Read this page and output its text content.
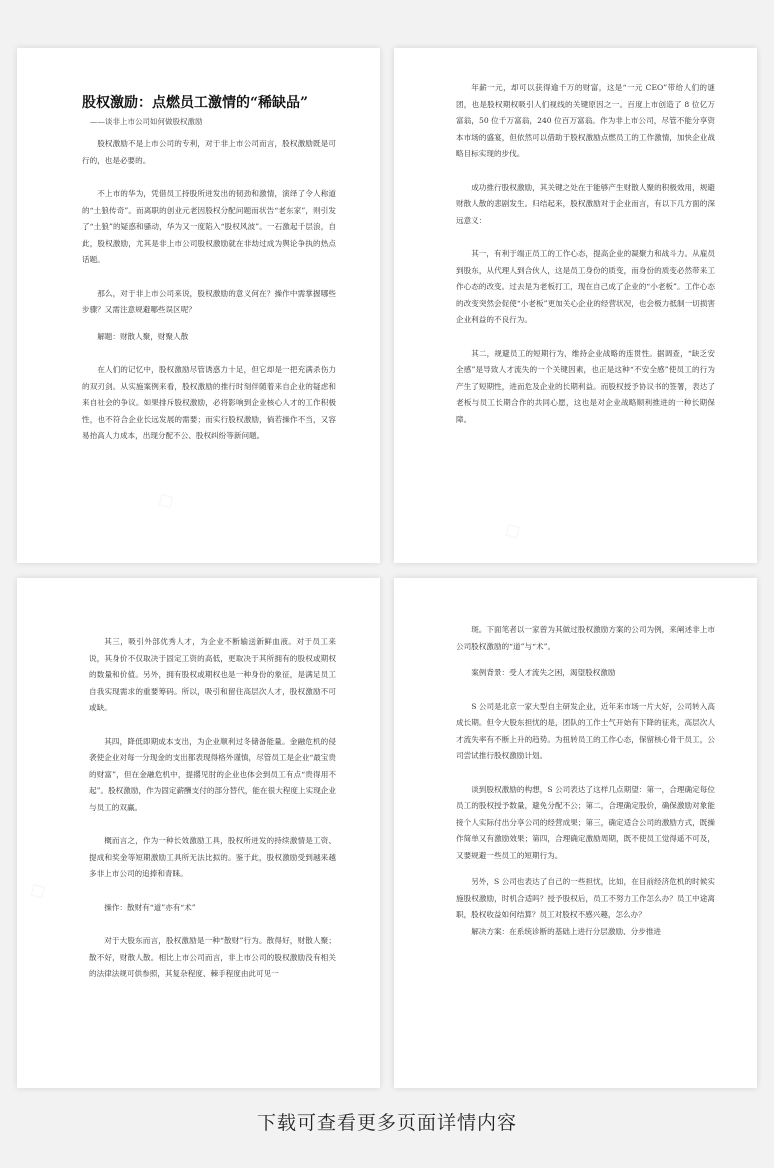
股权激励：点燃员工激情的“稀缺品”
——谈非上市公司如何做股权激励

股权激励不是上市公司的专利，对于非上市公司而言，股权激励既是可行的，也是必要的。

不上市的华为，凭借员工持股所迸发出的韧劲和激情，演绎了令人称道的“土狼传奇”。而离职的创业元老因股权分配问题而状告“老东家”，则引发了“土狼”的疑惑和骚动，华为又一度陷入“股权风波”。一石激起千层浪，自此，股权激励，尤其是非上市公司股权激励就在非劫过成为舆论争执的热点话题。

那么，对于非上市公司来说，股权激励的意义何在？操作中需掌握哪些步骤？又需注意规避哪些误区呢？

解题：财散人聚，财聚人散

在人们的记忆中，股权激励尽管诱惑力十足，但它却是一把充满杀伤力的双刃剑。从实施案例来看，股权激励的推行时刻伴随着来自企业的疑虑和来自社会的争议。如果排斥股权激励，必将影响到企业核心人才的工作积极性，也不符合企业长远发展的需要；而实行股权激励，倘若操作不当，又容易抬高人力成本，出现分配不公、股权纠纷等新问题。

年薪一元，却可以获得逾千万的财富，这是“一元 CEO”带给人们的谜团，也是股权期权吸引人们视线的关键原因之一。百度上市创造了 8 位亿万富翁，50 位千万富翁，240 位百万富翁。作为非上市公司，尽管不能分享资本市场的盛宴，但依然可以借助于股权激励点燃员工的工作激情，加快企业战略目标实现的步伐。

成功推行股权激励，其关键之处在于能够产生财散人聚的积极效用，规避财散人散的悲剧发生。归结起来，股权激励对于企业而言，有以下几方面的深远意义：

其一，有利于端正员工的工作心态，提高企业的凝聚力和战斗力。从雇员到股东，从代理人到合伙人，这是员工身份的质变，而身份的质变必然带来工作心态的改变。过去是为老板打工，现在自己成了企业的“小老板”。工作心态的改变突然会促使“小老板”更加关心企业的经营状况，也会极力抵制一切损害企业利益的不良行为。

其二，规避员工的短期行为，维持企业战略的连贯性。据调查，“缺乏安全感”是导致人才流失的一个关键因素，也正是这种“不安全感”使员工的行为产生了短期性，进而危及企业的长期利益。而股权授予协议书的签署，表达了老板与员工长期合作的共同心愿，这也是对企业战略顺利推进的一种长期保障。

其三，吸引外部优秀人才，为企业不断输送新鲜血液。对于员工来说，其身价不仅取决于固定工资的高低，更取决于其所拥有的股权或期权的数量和价值。另外，拥有股权或期权也是一种身份的象征，是满足员工自我实现需求的重要筹码。所以，吸引和留住高层次人才，股权激励不可或缺。

其四，降低即期成本支出，为企业顺利过冬储备能量。金融危机的侵袭使企业对每一分现金的支出都表现得格外谨慎，尽管员工是企业“最宝贵的财富”，但在金融危机中，提撂见肘的企业也体会到员工有点“贵得用不起”。股权激励，作为固定薪酬支付的部分替代，能在很大程度上实现企业与员工的双赢。

概而言之，作为一种长效激励工具，股权所迸发的持续激情是工资、提成和奖金等短期激励工具所无法比拟的。鉴于此，股权激励受到越来越多非上市公司的追捧和青睐。

操作：散财有“道”亦有“术”

对于大股东而言，股权激励是一种“散财”行为。散得好，财散人聚；散不好，财散人散。相比上市公司而言，非上市公司的股权激励没有相关的法律法规可供参照，其复杂程度、棘手程度由此可见一

斑。下面笔者以一家曾为其做过股权激励方案的公司为例，来阐述非上市公司股权激励的“道”与“术”。

案例背景：受人才流失之困，渴望股权激励

S 公司是北京一家大型自主研发企业，近年来市场一片大好，公司转入高成长期。但令大股东担忧的是，团队的工作士气开始有下降的征兆，高层次人才流失率有不断上升的趋势。为扭转员工的工作心态，保留核心骨干员工，公司尝试推行股权激励计划。

谈到股权激励的构想，S 公司表达了这样几点期望：第一，合理确定每位员工的股权授予数量，避免分配不公；第二，合理确定股价，确保激励对象能接个人实际付出分享公司的经营成果；第三，确定适合公司的激励方式，既操作简单又有激励效果；第四，合理确定激励周期，既不使员工觉得遥不可及，又要规避一些员工的短期行为。

另外，S 公司也表达了自己的一些担忧，比如，在目前经济危机的时候实施股权激励，时机合适吗？授予股权后，员工不努力工作怎么办？员工中途离职，股权收益如何结算？员工对股权不感兴趣，怎么办？

解决方案：在系统诊断的基础上进行分层激励、分步推进

下载可查看更多页面详情内容
